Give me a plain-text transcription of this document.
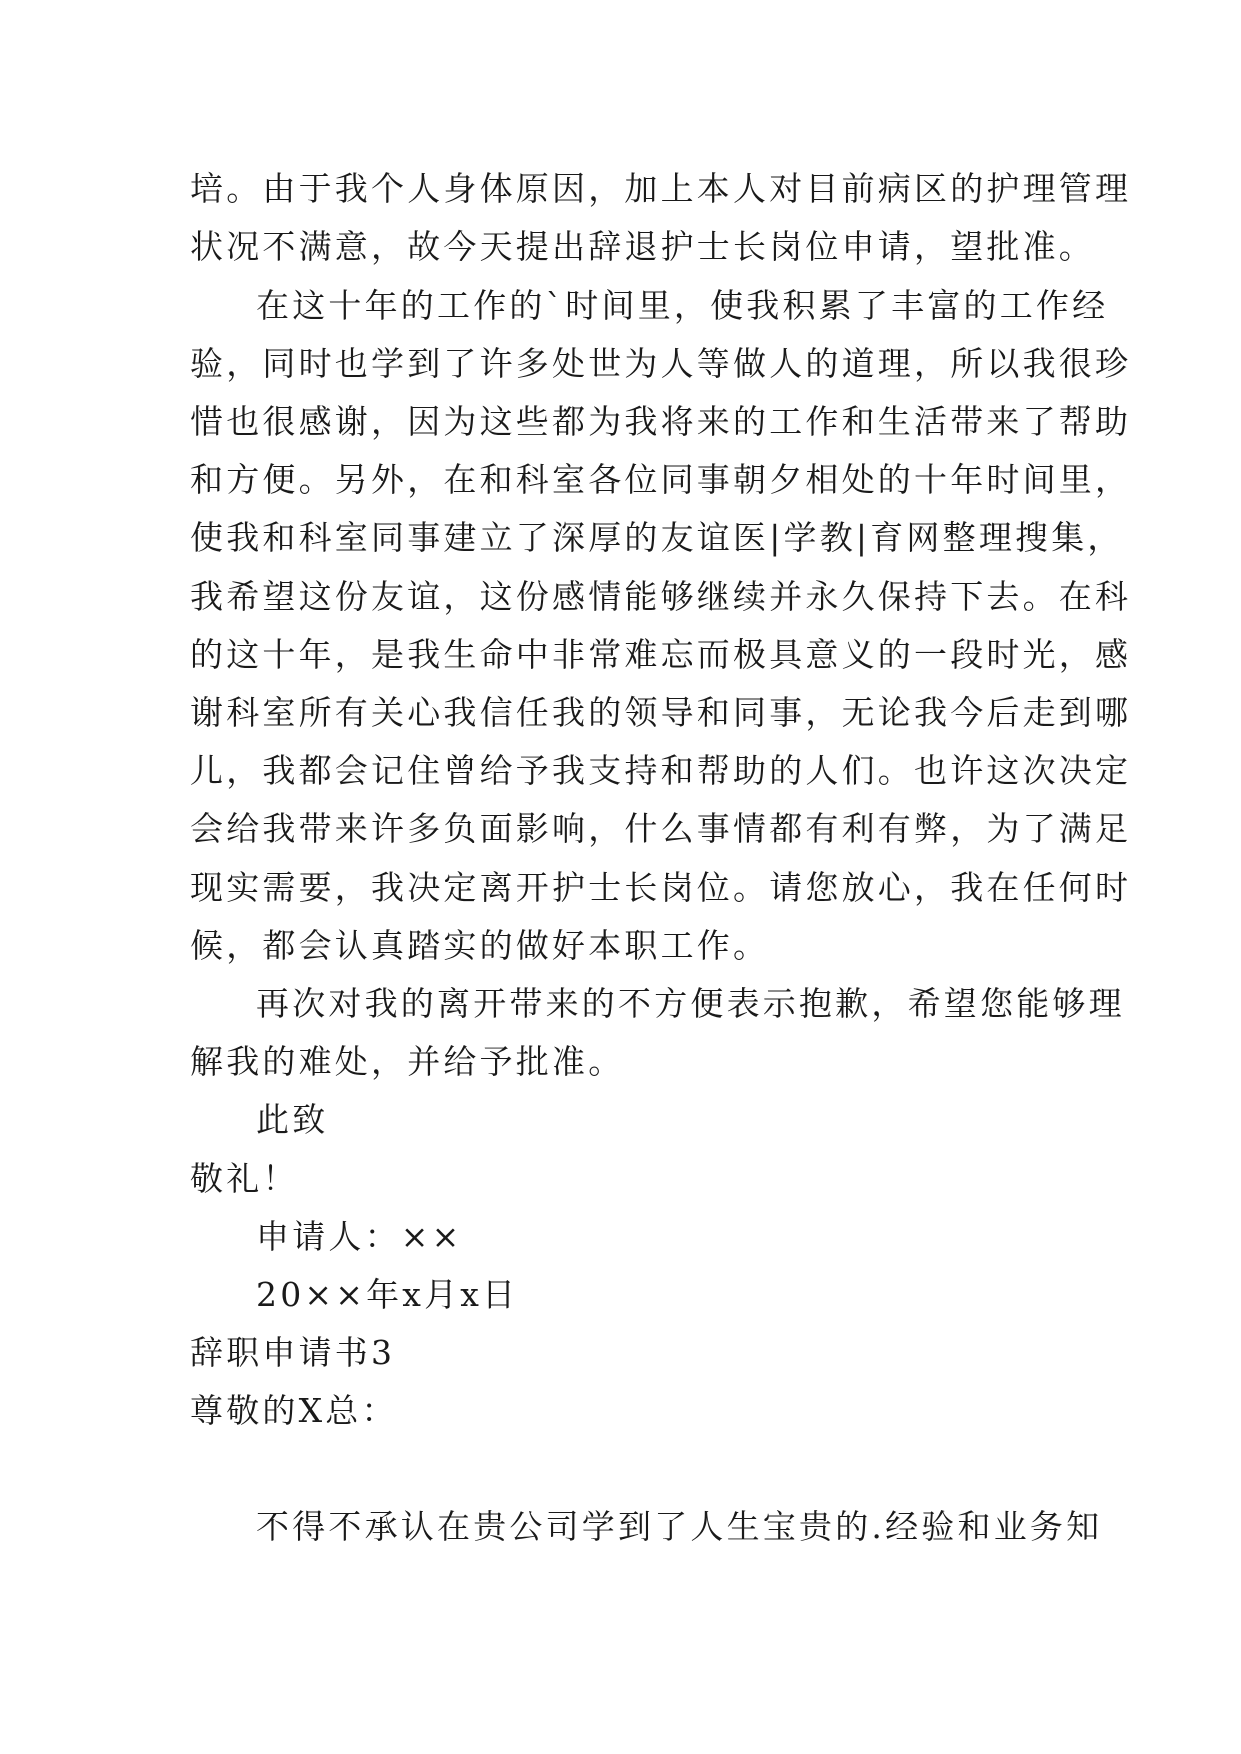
培。由于我个人身体原因，加上本人对目前病区的护理管理
状况不满意，故今天提出辞退护士长岗位申请，望批准。
在这十年的工作的`时间里，使我积累了丰富的工作经
验，同时也学到了许多处世为人等做人的道理，所以我很珍
惜也很感谢，因为这些都为我将来的工作和生活带来了帮助
和方便。另外，在和科室各位同事朝夕相处的十年时间里，
使我和科室同事建立了深厚的友谊医|学教|育网整理搜集，
我希望这份友谊，这份感情能够继续并永久保持下去。在科
的这十年，是我生命中非常难忘而极具意义的一段时光，感
谢科室所有关心我信任我的领导和同事，无论我今后走到哪
儿，我都会记住曾给予我支持和帮助的人们。也许这次决定
会给我带来许多负面影响，什么事情都有利有弊，为了满足
现实需要，我决定离开护士长岗位。请您放心，我在任何时
候，都会认真踏实的做好本职工作。
再次对我的离开带来的不方便表示抱歉，希望您能够理
解我的难处，并给予批准。
此致
敬礼！
申请人：××
20××年x月x日
辞职申请书3
尊敬的X总：
不得不承认在贵公司学到了人生宝贵的.经验和业务知
